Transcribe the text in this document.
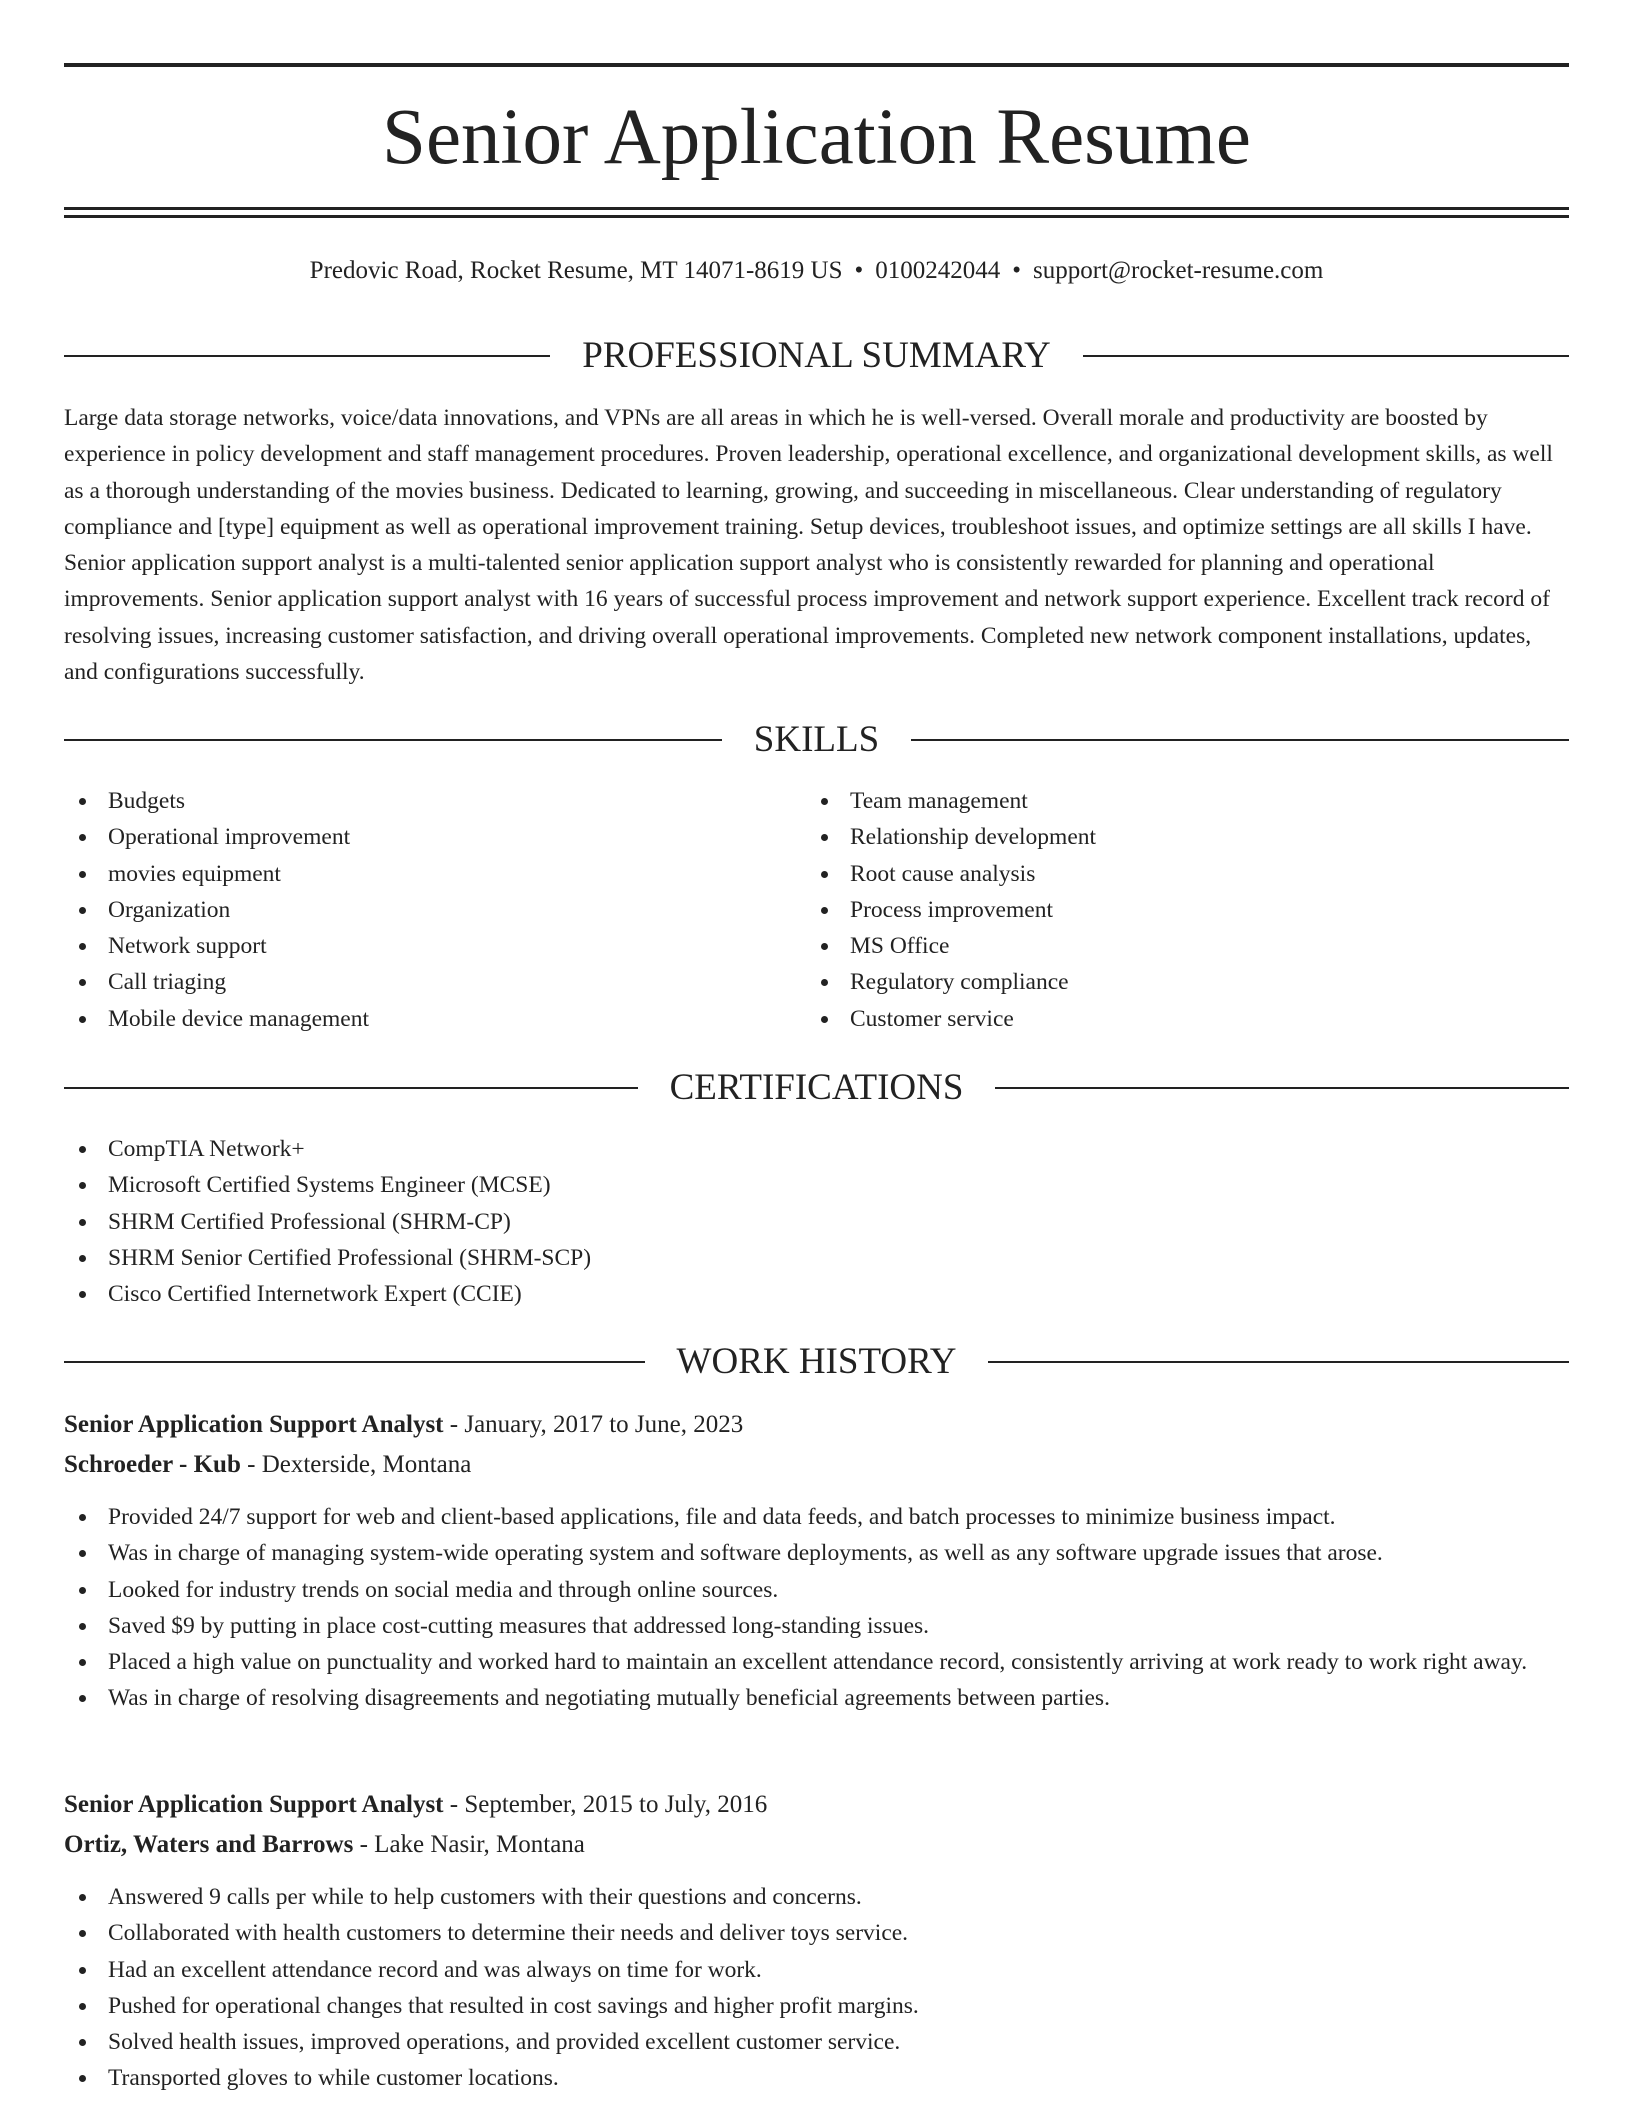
Senior Application Resume
Predovic Road, Rocket Resume, MT 14071-8619 US • 0100242044 • support@rocket-resume.com
PROFESSIONAL SUMMARY

Large data storage networks, voice/data innovations, and VPNs are all areas in which he is well-versed. Overall morale and productivity are boosted by experience in policy development and staff management procedures. Proven leadership, operational excellence, and organizational development skills, as well as a thorough understanding of the movies business. Dedicated to learning, growing, and succeeding in miscellaneous. Clear understanding of regulatory compliance and [type] equipment as well as operational improvement training. Setup devices, troubleshoot issues, and optimize settings are all skills I have. Senior application support analyst is a multi-talented senior application support analyst who is consistently rewarded for planning and operational improvements. Senior application support analyst with 16 years of successful process improvement and network support experience. Excellent track record of resolving issues, increasing customer satisfaction, and driving overall operational improvements. Completed new network component installations, updates, and configurations successfully.

SKILLS
Budgets
Operational improvement
movies equipment
Organization
Network support
Call triaging
Mobile device management
Team management
Relationship development
Root cause analysis
Process improvement
MS Office
Regulatory compliance
Customer service
CERTIFICATIONS
CompTIA Network+
Microsoft Certified Systems Engineer (MCSE)
SHRM Certified Professional (SHRM-CP)
SHRM Senior Certified Professional (SHRM-SCP)
Cisco Certified Internetwork Expert (CCIE)
WORK HISTORY
Senior Application Support Analyst - January, 2017 to June, 2023
Schroeder - Kub - Dexterside, Montana
Provided 24/7 support for web and client-based applications, file and data feeds, and batch processes to minimize business impact.
Was in charge of managing system-wide operating system and software deployments, as well as any software upgrade issues that arose.
Looked for industry trends on social media and through online sources.
Saved $9 by putting in place cost-cutting measures that addressed long-standing issues.
Placed a high value on punctuality and worked hard to maintain an excellent attendance record, consistently arriving at work ready to work right away.
Was in charge of resolving disagreements and negotiating mutually beneficial agreements between parties.
Senior Application Support Analyst - September, 2015 to July, 2016
Ortiz, Waters and Barrows - Lake Nasir, Montana
Answered 9 calls per while to help customers with their questions and concerns.
Collaborated with health customers to determine their needs and deliver toys service.
Had an excellent attendance record and was always on time for work.
Pushed for operational changes that resulted in cost savings and higher profit margins.
Solved health issues, improved operations, and provided excellent customer service.
Transported gloves to while customer locations.
